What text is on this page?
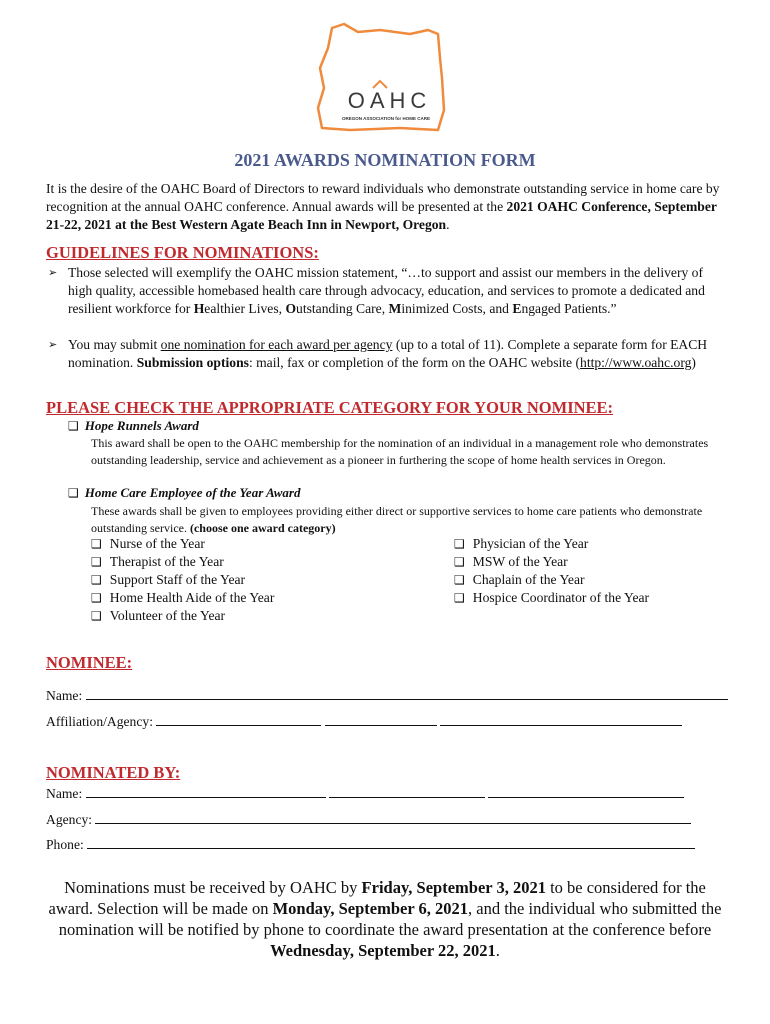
OAHC
OREGON ASSOCIATION for HOME CARE
2021 AWARDS NOMINATION FORM
It is the desire of the OAHC Board of Directors to reward individuals who demonstrate outstanding service in home care by recognition at the annual OAHC conference. Annual awards will be presented at the 2021 OAHC Conference, September 21-22, 2021 at the Best Western Agate Beach Inn in Newport, Oregon.
GUIDELINES FOR NOMINATIONS:
➢ Those selected will exemplify the OAHC mission statement, “…to support and assist our members in the delivery of high quality, accessible homebased health care through advocacy, education, and services to promote a dedicated and resilient workforce for Healthier Lives, Outstanding Care, Minimized Costs, and Engaged Patients.”
➢ You may submit one nomination for each award per agency (up to a total of 11). Complete a separate form for EACH nomination. Submission options: mail, fax or completion of the form on the OAHC website (http://www.oahc.org)
PLEASE CHECK THE APPROPRIATE CATEGORY FOR YOUR NOMINEE:
❑ Hope Runnels Award
This award shall be open to the OAHC membership for the nomination of an individual in a management role who demonstrates outstanding leadership, service and achievement as a pioneer in furthering the scope of home health services in Oregon.
❑ Home Care Employee of the Year Award
These awards shall be given to employees providing either direct or supportive services to home care patients who demonstrate outstanding service. (choose one award category)
❑ Nurse of the Year
❑ Therapist of the Year
❑ Support Staff of the Year
❑ Home Health Aide of the Year
❑ Volunteer of the Year
❑ Physician of the Year
❑ MSW of the Year
❑ Chaplain of the Year
❑ Hospice Coordinator of the Year
NOMINEE:
Name:
Affiliation/Agency:
NOMINATED BY:
Name:
Agency:
Phone:
Nominations must be received by OAHC by Friday, September 3, 2021 to be considered for the award. Selection will be made on Monday, September 6, 2021, and the individual who submitted the nomination will be notified by phone to coordinate the award presentation at the conference before Wednesday, September 22, 2021.
